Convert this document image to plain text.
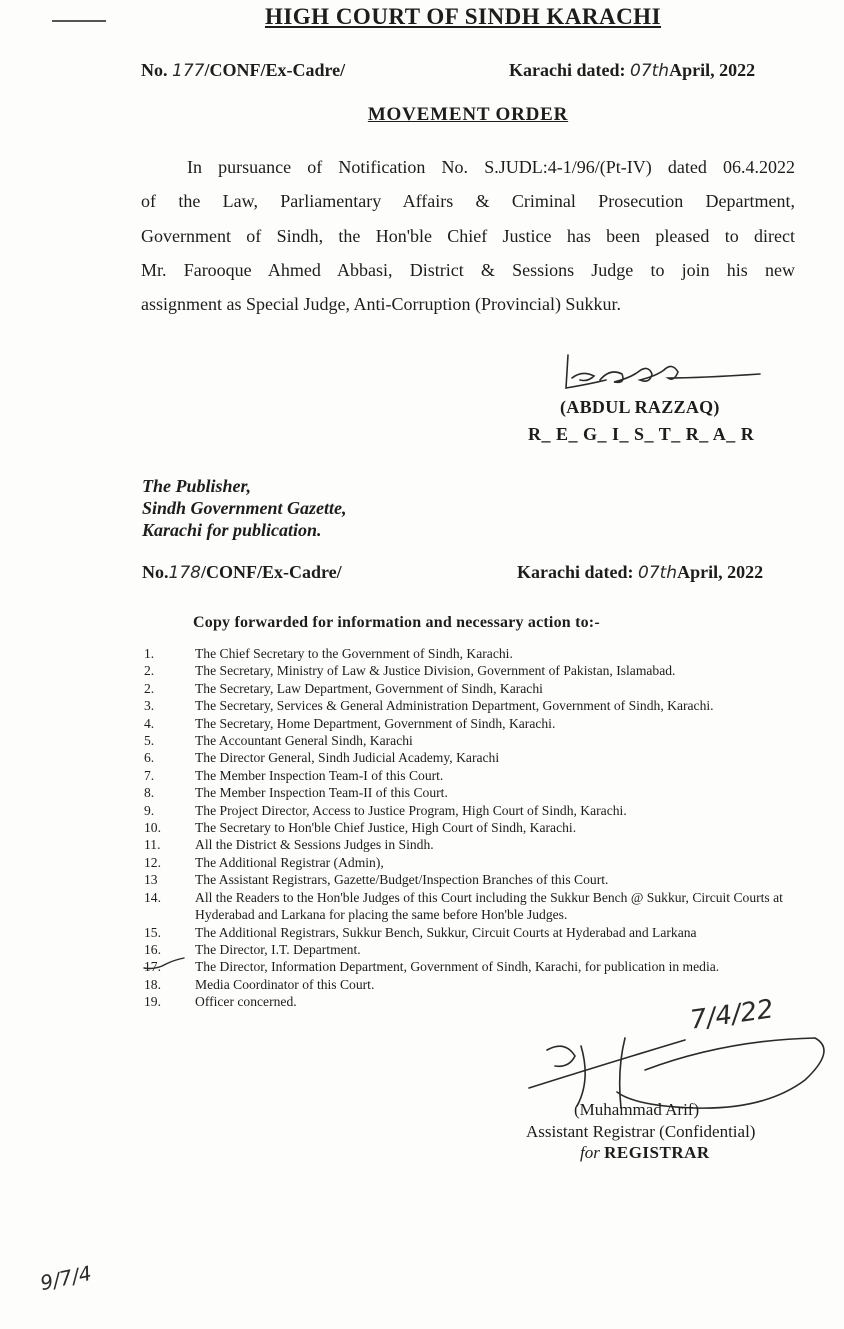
HIGH COURT OF SINDH KARACHI
No. 177/CONF/Ex-Cadre/	Karachi dated: 07thApril, 2022
MOVEMENT ORDER
In pursuance of Notification No. S.JUDL:4-1/96/(Pt-IV) dated 06.4.2022
of the Law, Parliamentary Affairs & Criminal Prosecution Department,
Government of Sindh, the Hon'ble Chief Justice has been pleased to direct
Mr. Farooque Ahmed Abbasi, District & Sessions Judge to join his new
assignment as Special Judge, Anti-Corruption (Provincial) Sukkur.
(ABDUL RAZZAQ)
R_ E_ G_ I_ S_ T_ R_ A_ R
The Publisher,
Sindh Government Gazette,
Karachi for publication.
No.178/CONF/Ex-Cadre/	Karachi dated: 07thApril, 2022
Copy forwarded for information and necessary action to:-
1.	The Chief Secretary to the Government of Sindh, Karachi.
2.	The Secretary, Ministry of Law & Justice Division, Government of Pakistan, Islamabad.
2.	The Secretary, Law Department, Government of Sindh, Karachi
3.	The Secretary, Services & General Administration Department, Government of Sindh, Karachi.
4.	The Secretary, Home Department, Government of Sindh, Karachi.
5.	The Accountant General Sindh, Karachi
6.	The Director General, Sindh Judicial Academy, Karachi
7.	The Member Inspection Team-I of this Court.
8.	The Member Inspection Team-II of this Court.
9.	The Project Director, Access to Justice Program, High Court of Sindh, Karachi.
10.	The Secretary to Hon'ble Chief Justice, High Court of Sindh, Karachi.
11.	All the District & Sessions Judges in Sindh.
12.	The Additional Registrar (Admin),
13	The Assistant Registrars, Gazette/Budget/Inspection Branches of this Court.
14.	All the Readers to the Hon'ble Judges of this Court including the Sukkur Bench @ Sukkur, Circuit Courts at Hyderabad and Larkana for placing the same before Hon'ble Judges.
15.	The Additional Registrars, Sukkur Bench, Sukkur, Circuit Courts at Hyderabad and Larkana
16.	The Director, I.T. Department.
17.	The Director, Information Department, Government of Sindh, Karachi, for publication in media.
18.	Media Coordinator of this Court.
19.	Officer concerned.	7/4/22
(Muhammad Arif)
Assistant Registrar (Confidential)
for REGISTRAR
9/7/4
